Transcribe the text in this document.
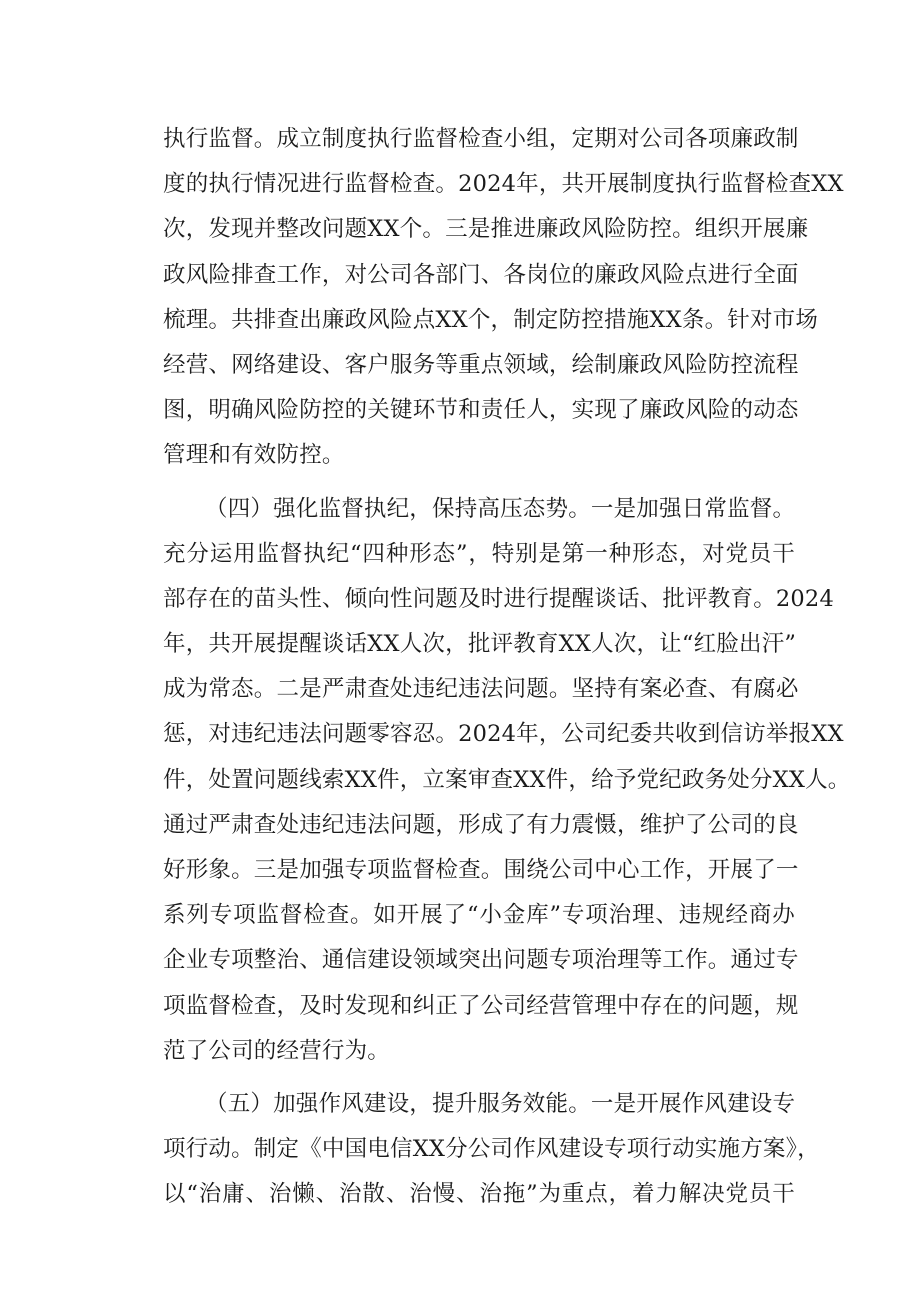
执行监督。成立制度执行监督检查小组，定期对公司各项廉政制
度的执行情况进行监督检查。2024年，共开展制度执行监督检查XX
次，发现并整改问题XX个。三是推进廉政风险防控。组织开展廉
政风险排查工作，对公司各部门、各岗位的廉政风险点进行全面
梳理。共排查出廉政风险点XX个，制定防控措施XX条。针对市场
经营、网络建设、客户服务等重点领域，绘制廉政风险防控流程
图，明确风险防控的关键环节和责任人，实现了廉政风险的动态
管理和有效防控。
（四）强化监督执纪，保持高压态势。一是加强日常监督。
充分运用监督执纪“四种形态”，特别是第一种形态，对党员干
部存在的苗头性、倾向性问题及时进行提醒谈话、批评教育。2024
年，共开展提醒谈话XX人次，批评教育XX人次，让“红脸出汗”
成为常态。二是严肃查处违纪违法问题。坚持有案必查、有腐必
惩，对违纪违法问题零容忍。2024年，公司纪委共收到信访举报XX
件，处置问题线索XX件，立案审查XX件，给予党纪政务处分XX人。
通过严肃查处违纪违法问题，形成了有力震慑，维护了公司的良
好形象。三是加强专项监督检查。围绕公司中心工作，开展了一
系列专项监督检查。如开展了“小金库”专项治理、违规经商办
企业专项整治、通信建设领域突出问题专项治理等工作。通过专
项监督检查，及时发现和纠正了公司经营管理中存在的问题，规
范了公司的经营行为。
（五）加强作风建设，提升服务效能。一是开展作风建设专
项行动。制定《中国电信XX分公司作风建设专项行动实施方案》，
以“治庸、治懒、治散、治慢、治拖”为重点，着力解决党员干
